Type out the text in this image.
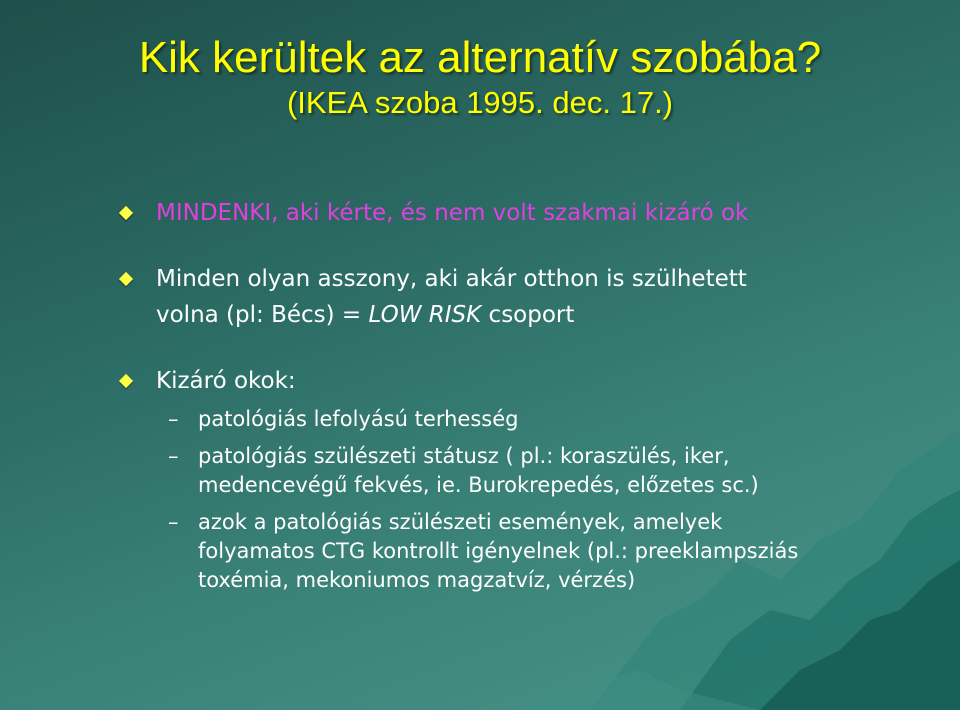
Kik kerültek az alternatív szobába?
(IKEA szoba 1995. dec. 17.)
MINDENKI, aki kérte, és nem volt szakmai kizáró ok
Minden olyan asszony, aki akár otthon is szülhetett
volna (pl: Bécs) = LOW RISK csoport
Kizáró okok:
– patológiás lefolyású terhesség
– patológiás szülészeti státusz ( pl.: koraszülés, iker,
medencevégű fekvés, ie. Burokrepedés, előzetes sc.)
– azok a patológiás szülészeti események, amelyek
folyamatos CTG kontrollt igényelnek (pl.: preeklampsziás
toxémia, mekoniumos magzatvíz, vérzés)
